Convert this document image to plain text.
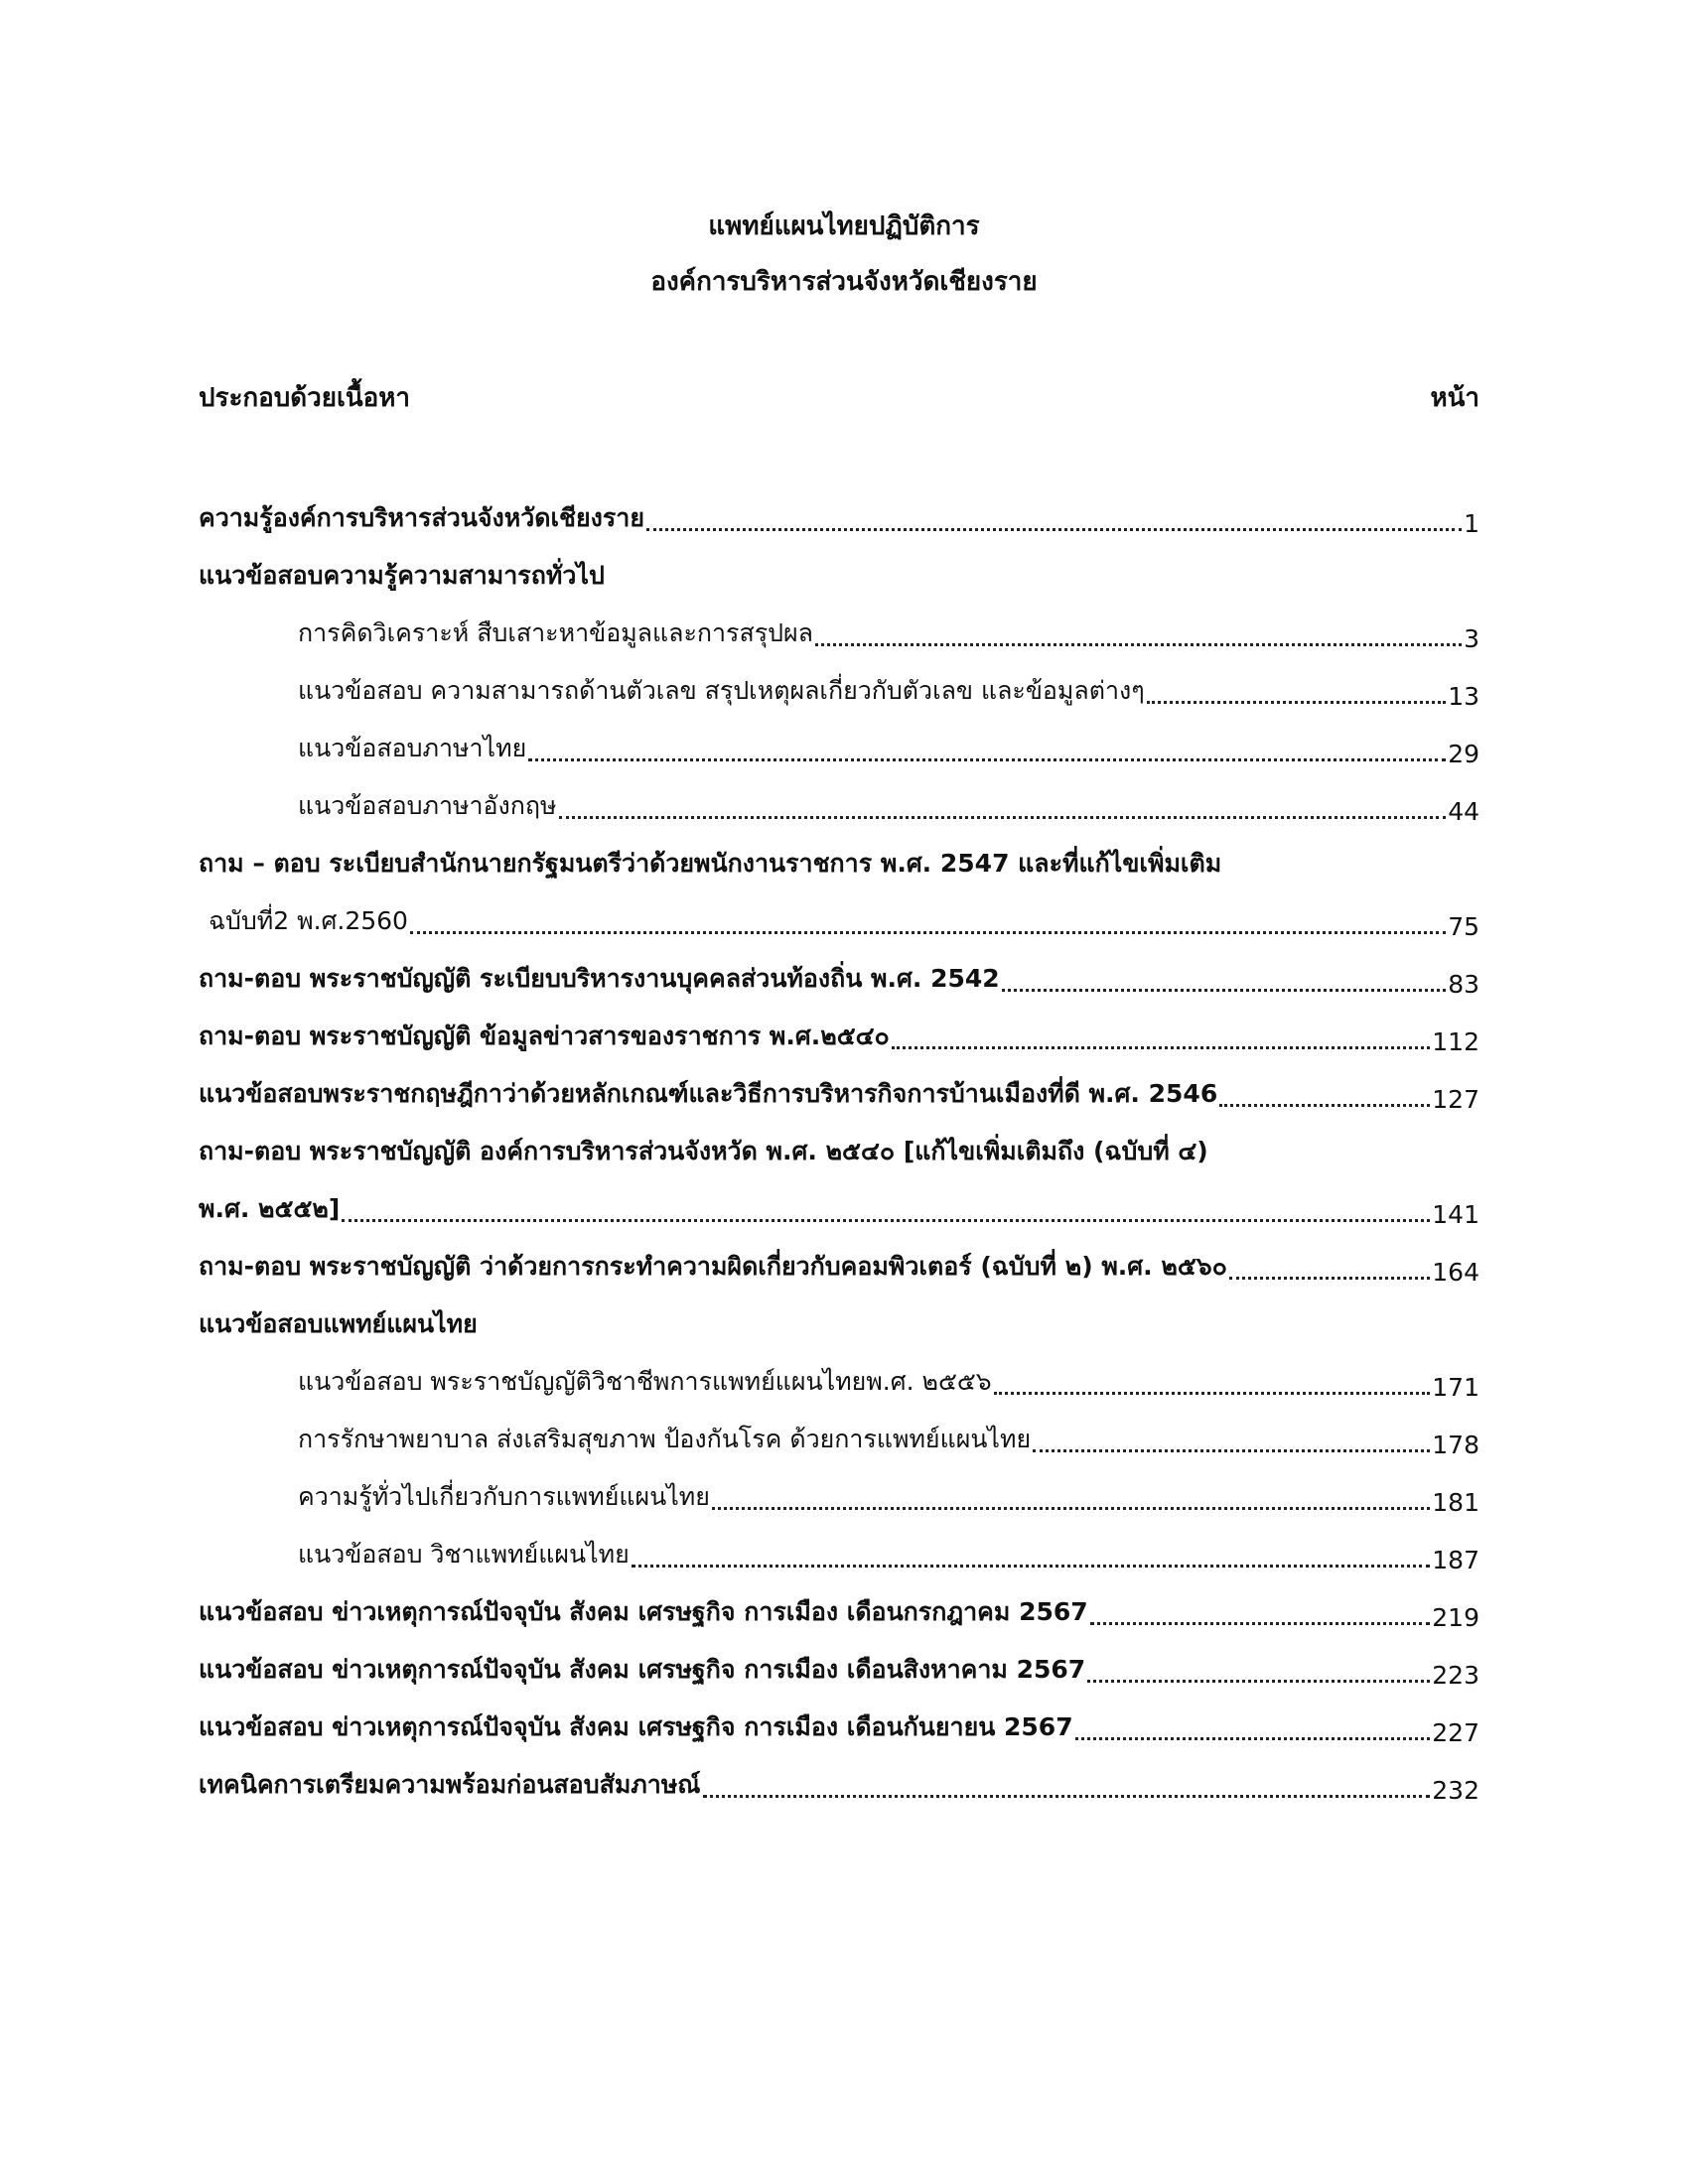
แพทย์แผนไทยปฏิบัติการ
องค์การบริหารส่วนจังหวัดเชียงราย
ประกอบด้วยเนื้อหา	หน้า
ความรู้องค์การบริหารส่วนจังหวัดเชียงราย	1
แนวข้อสอบความรู้ความสามารถทั่วไป
การคิดวิเคราะห์ สืบเสาะหาข้อมูลและการสรุปผล	3
แนวข้อสอบ ความสามารถด้านตัวเลข สรุปเหตุผลเกี่ยวกับตัวเลข และข้อมูลต่างๆ	13
แนวข้อสอบภาษาไทย	29
แนวข้อสอบภาษาอังกฤษ	44
ถาม – ตอบ ระเบียบสำนักนายกรัฐมนตรีว่าด้วยพนักงานราชการ พ.ศ. 2547 และที่แก้ไขเพิ่มเติม
ฉบับที่2 พ.ศ.2560	75
ถาม-ตอบ พระราชบัญญัติ ระเบียบบริหารงานบุคคลส่วนท้องถิ่น พ.ศ. 2542	83
ถาม-ตอบ พระราชบัญญัติ ข้อมูลข่าวสารของราชการ พ.ศ.๒๕๔๐	112
แนวข้อสอบพระราชกฤษฎีกาว่าด้วยหลักเกณฑ์และวิธีการบริหารกิจการบ้านเมืองที่ดี พ.ศ. 2546	127
ถาม-ตอบ พระราชบัญญัติ องค์การบริหารส่วนจังหวัด พ.ศ. ๒๕๔๐ [แก้ไขเพิ่มเติมถึง (ฉบับที่ ๔)
พ.ศ. ๒๕๕๒]	141
ถาม-ตอบ พระราชบัญญัติ ว่าด้วยการกระทำความผิดเกี่ยวกับคอมพิวเตอร์ (ฉบับที่ ๒) พ.ศ. ๒๕๖๐	164
แนวข้อสอบแพทย์แผนไทย
แนวข้อสอบ พระราชบัญญัติวิชาชีพการแพทย์แผนไทยพ.ศ. ๒๕๕๖	171
การรักษาพยาบาล ส่งเสริมสุขภาพ ป้องกันโรค ด้วยการแพทย์แผนไทย	178
ความรู้ทั่วไปเกี่ยวกับการแพทย์แผนไทย	181
แนวข้อสอบ วิชาแพทย์แผนไทย	187
แนวข้อสอบ ข่าวเหตุการณ์ปัจจุบัน สังคม เศรษฐกิจ การเมือง เดือนกรกฎาคม 2567	219
แนวข้อสอบ ข่าวเหตุการณ์ปัจจุบัน สังคม เศรษฐกิจ การเมือง เดือนสิงหาคาม 2567	223
แนวข้อสอบ ข่าวเหตุการณ์ปัจจุบัน สังคม เศรษฐกิจ การเมือง เดือนกันยายน 2567	227
เทคนิคการเตรียมความพร้อมก่อนสอบสัมภาษณ์	232
